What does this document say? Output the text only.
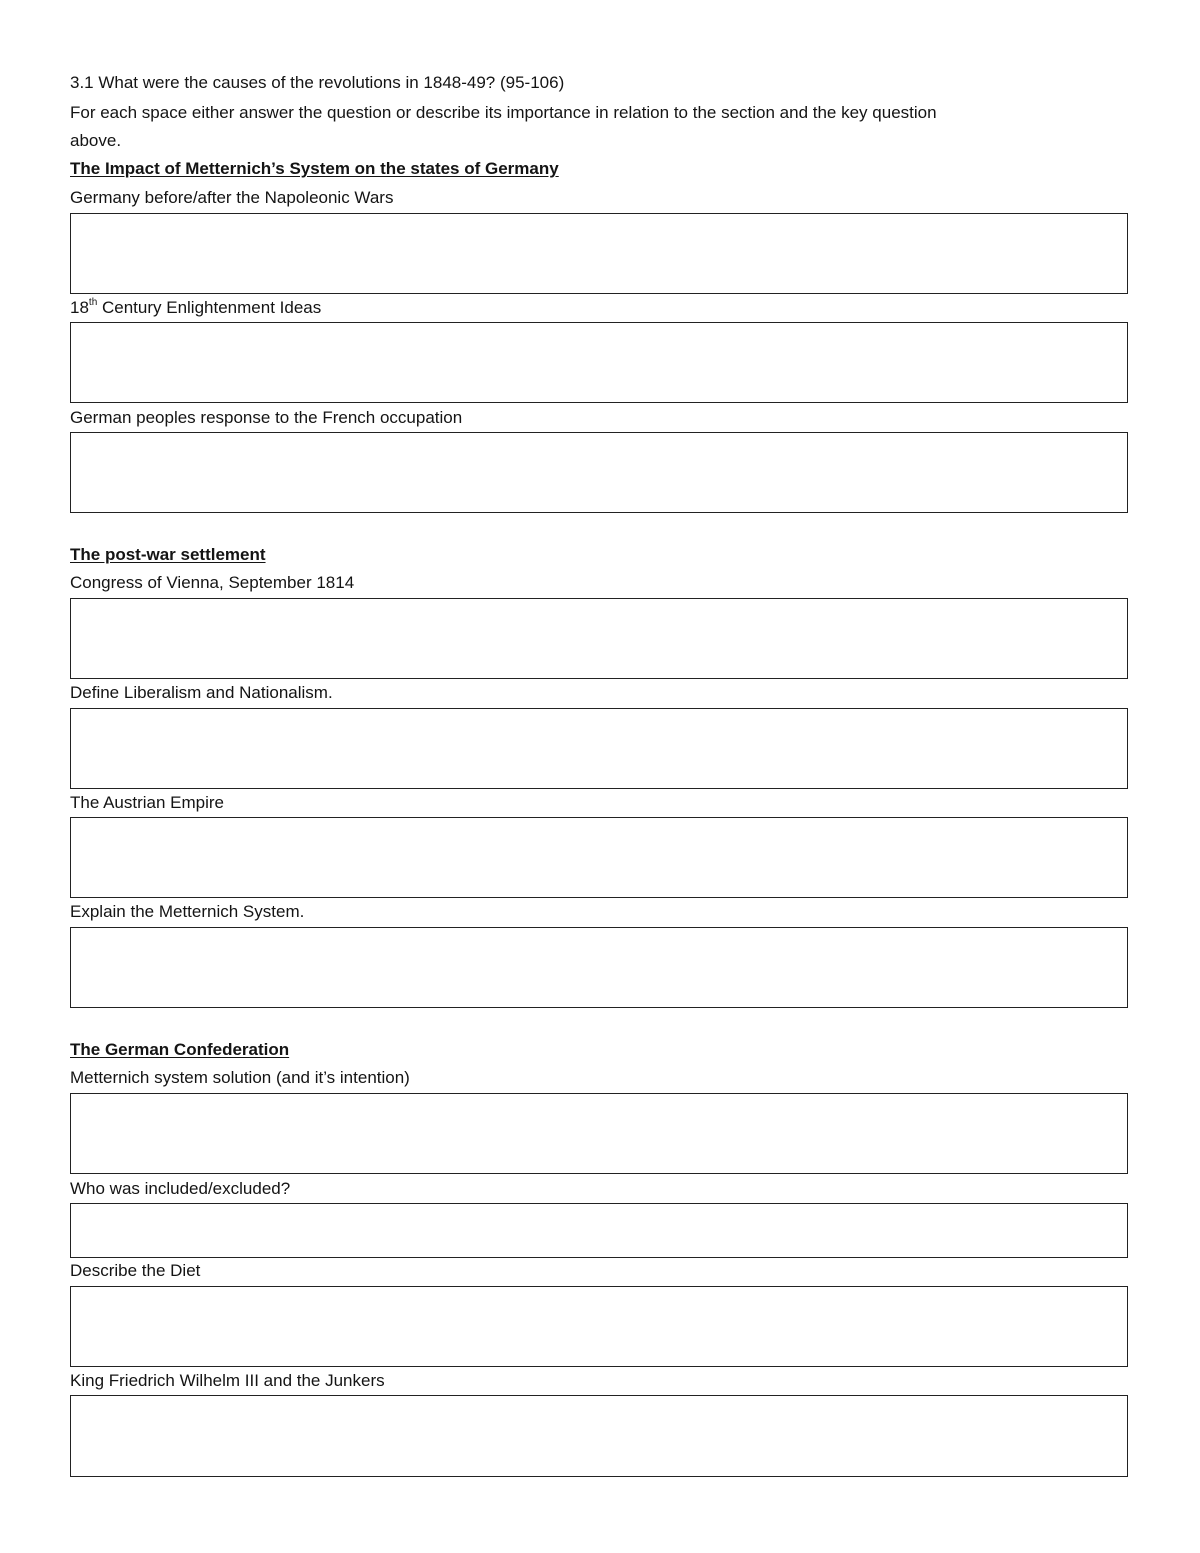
3.1 What were the causes of the revolutions in 1848-49? (95-106)
For each space either answer the question or describe its importance in relation to the section and the key question
above.
The Impact of Metternich’s System on the states of Germany
Germany before/after the Napoleonic Wars
18th Century Enlightenment Ideas
German peoples response to the French occupation
The post-war settlement
Congress of Vienna, September 1814
Define Liberalism and Nationalism.
The Austrian Empire
Explain the Metternich System.
The German Confederation
Metternich system solution (and it’s intention)
Who was included/excluded?
Describe the Diet
King Friedrich Wilhelm III and the Junkers
